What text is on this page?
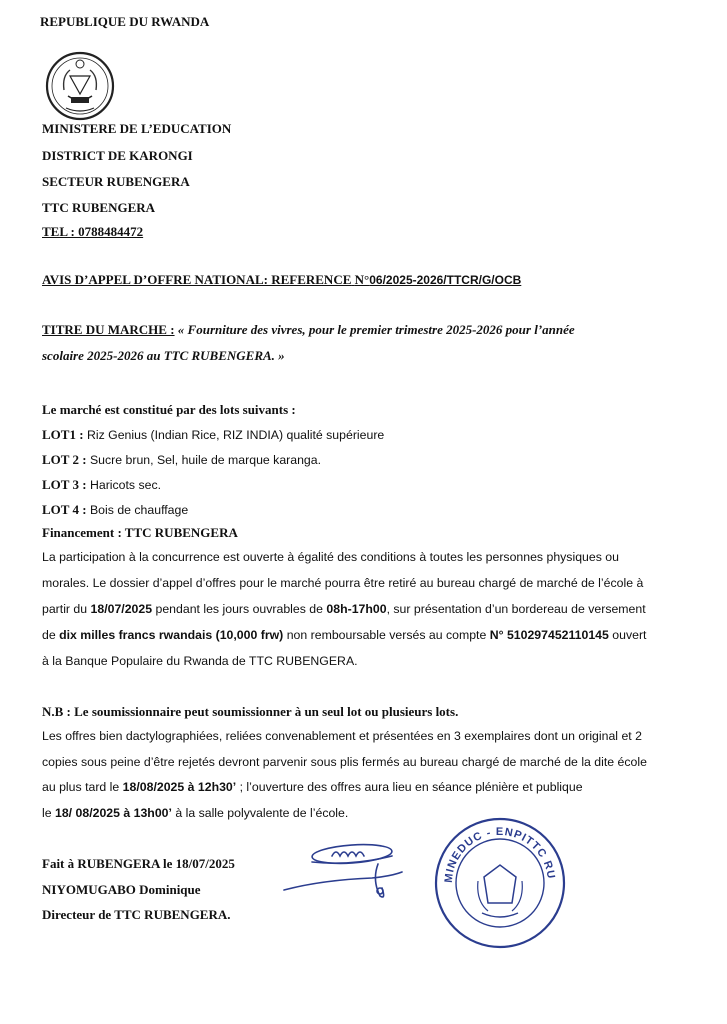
REPUBLIQUE DU RWANDA
MINISTERE DE L’EDUCATION
DISTRICT DE KARONGI
SECTEUR RUBENGERA
TTC RUBENGERA
TEL : 0788484472
AVIS D’APPEL D’OFFRE NATIONAL: REFERENCE N°06/2025-2026/TTCR/G/OCB
TITRE DU MARCHE : « Fourniture des vivres, pour le premier trimestre 2025-2026 pour l’année
scolaire 2025-2026 au TTC RUBENGERA. »
Le marché est constitué par des lots suivants :
LOT1 : Riz Genius (Indian Rice, RIZ INDIA) qualité supérieure
LOT 2 : Sucre brun, Sel, huile de marque karanga.
LOT 3 : Haricots sec.
LOT 4 : Bois de chauffage
Financement : TTC RUBENGERA
La participation à la concurrence est ouverte à égalité des conditions à toutes les personnes physiques ou
morales. Le dossier d’appel d’offres pour le marché pourra être retiré au bureau chargé de marché de l’école à
partir du 18/07/2025 pendant les jours ouvrables de 08h-17h00, sur présentation d’un bordereau de versement
de dix milles francs rwandais (10,000 frw) non remboursable versés au compte N° 510297452110145 ouvert
à la Banque Populaire du Rwanda de TTC RUBENGERA.
N.B : Le soumissionnaire peut soumissionner à un seul lot ou plusieurs lots.
Les offres bien dactylographiées, reliées convenablement et présentées en 3 exemplaires dont un original et 2
copies sous peine d’être rejetés devront parvenir sous plis fermés au bureau chargé de marché de la dite école
au plus tard le 18/08/2025 à 12h30’ ; l’ouverture des offres aura lieu en séance plénière et publique
le 18/ 08/2025 à 13h00’ à la salle polyvalente de l’école.
Fait à RUBENGERA le 18/07/2025
NIYOMUGABO Dominique
Directeur de TTC RUBENGERA.
MINEDUC - ENPITTC RU
